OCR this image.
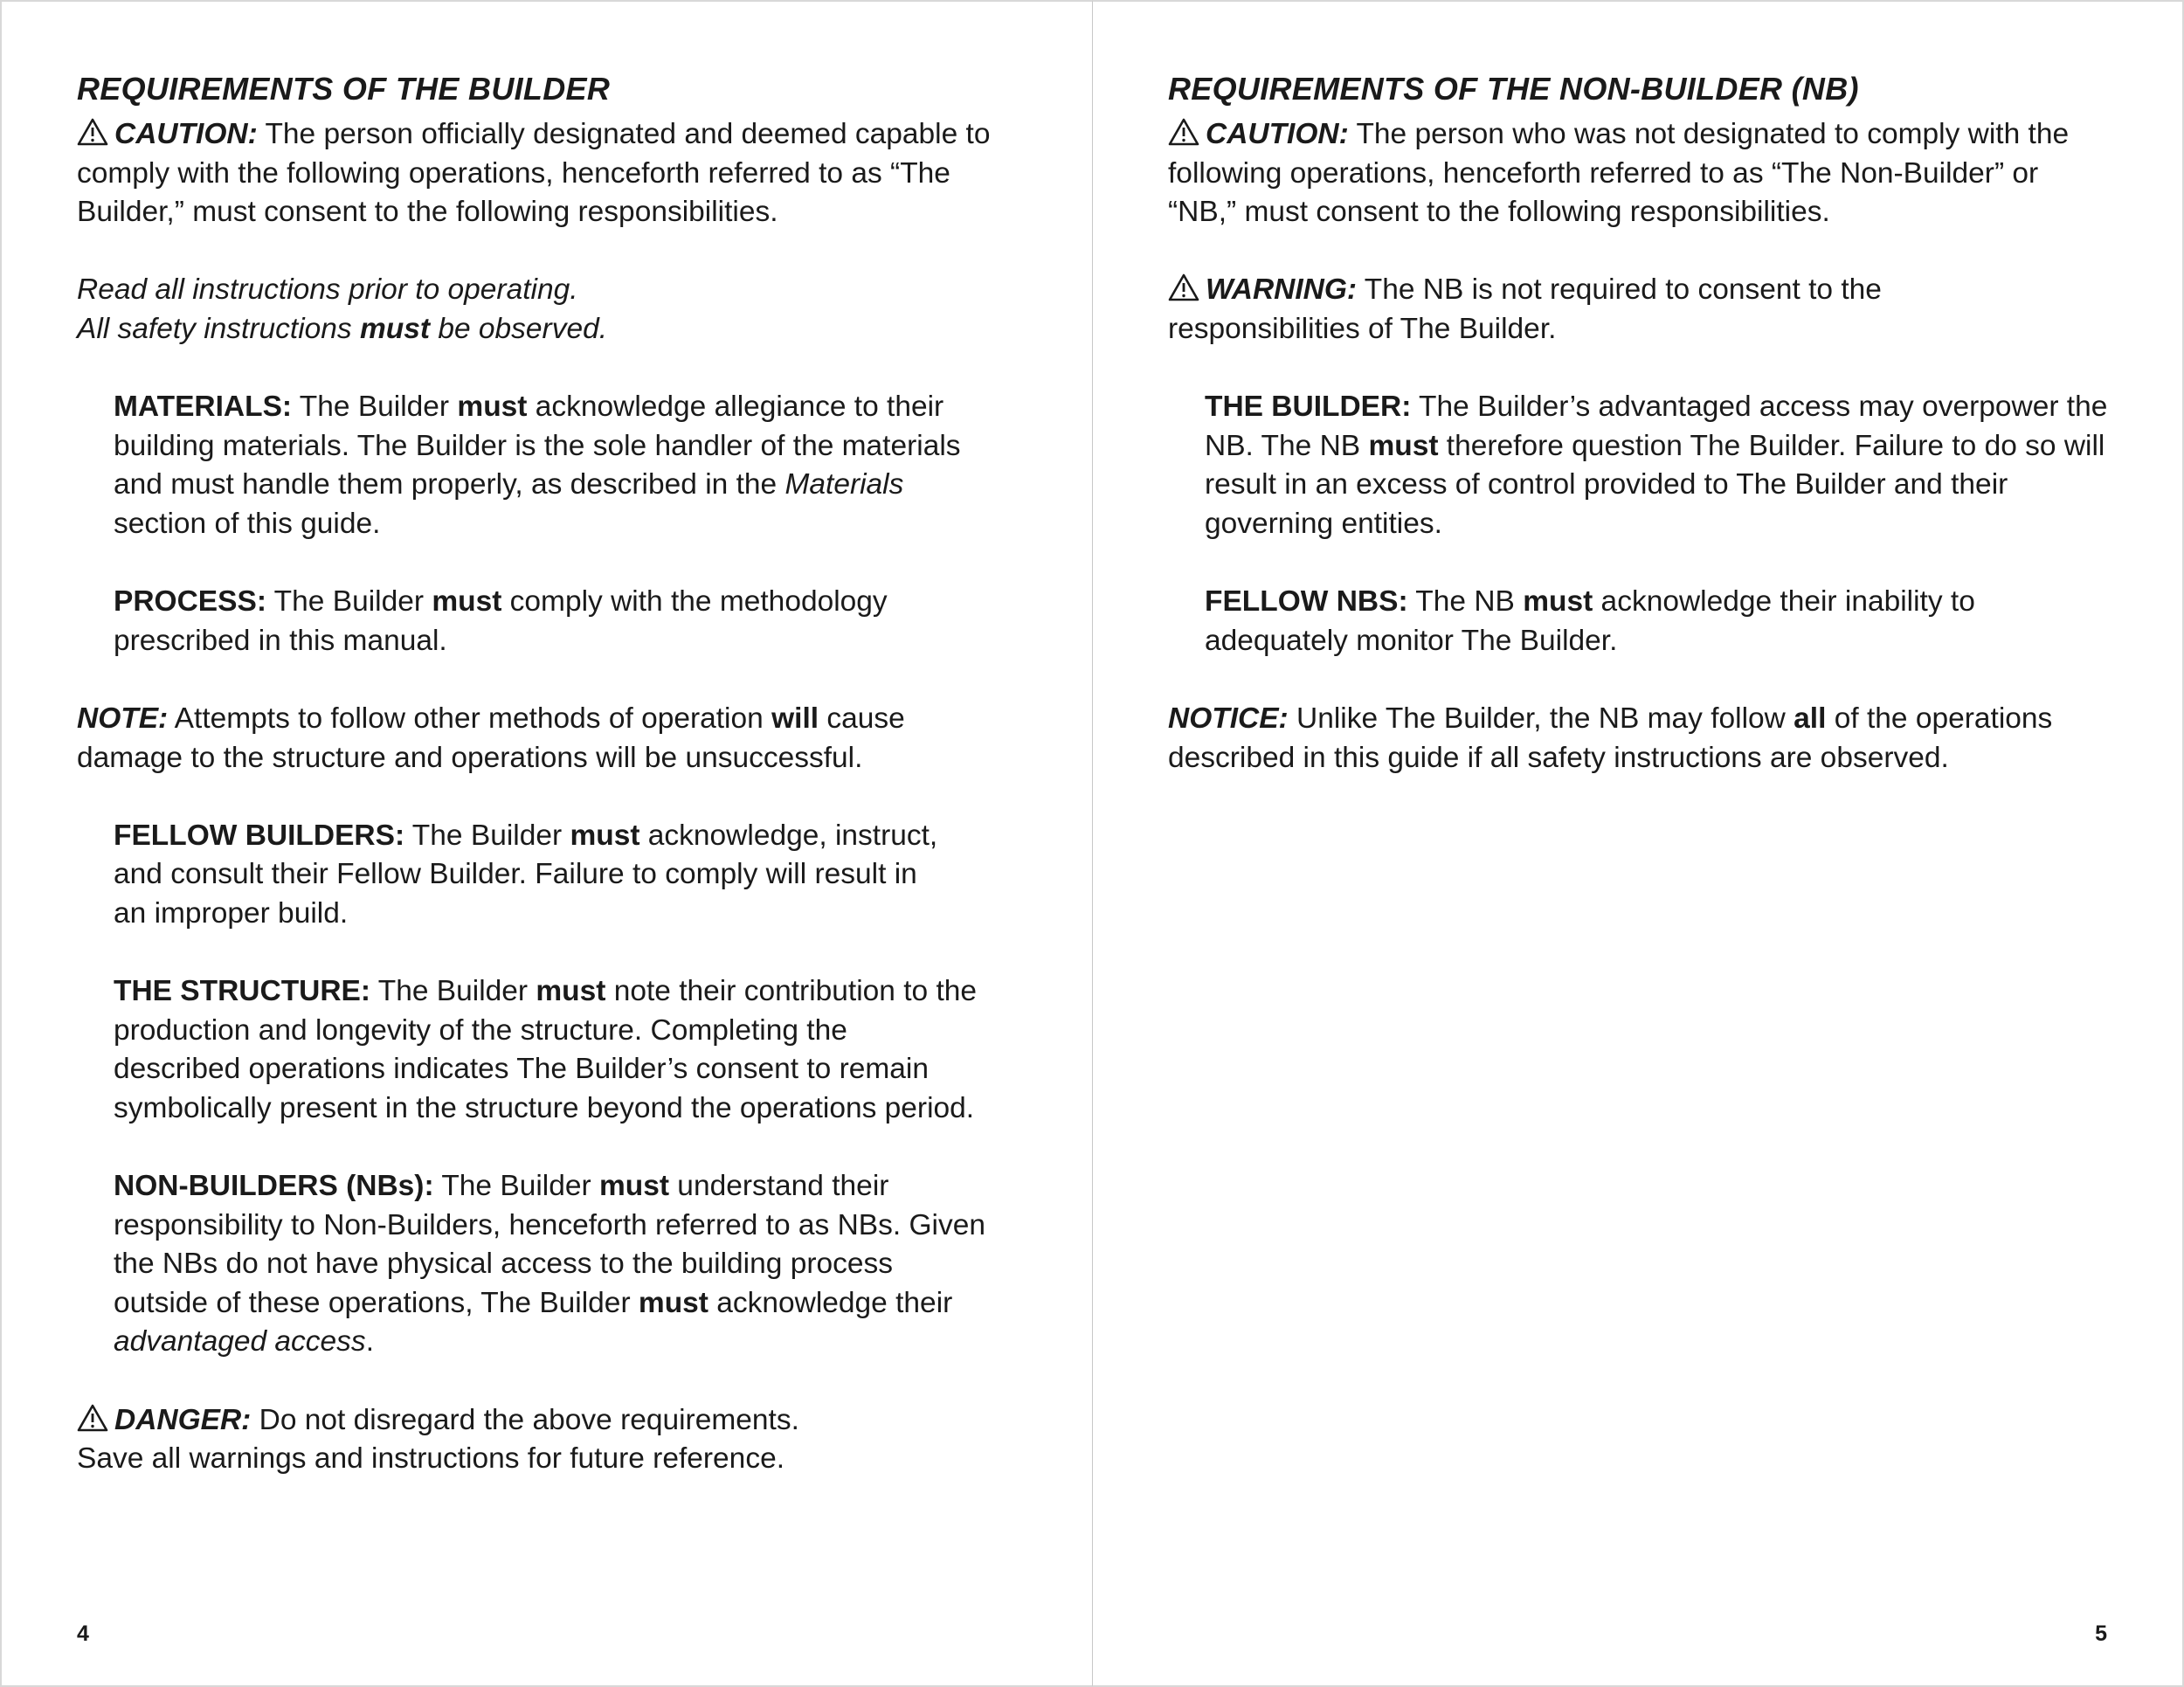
REQUIREMENTS OF THE BUILDER

CAUTION: The person officially designated and deemed capable to comply with the following operations, henceforth referred to as “The Builder,” must consent to the following responsibilities.

Read all instructions prior to operating.

All safety instructions must be observed.

MATERIALS: The Builder must acknowledge allegiance to their building materials. The Builder is the sole handler of the materials and must handle them properly, as described in the Materials section of this guide.

PROCESS: The Builder must comply with the methodology prescribed in this manual.

NOTE: Attempts to follow other methods of operation will cause damage to the structure and operations will be unsuccessful.

FELLOW BUILDERS: The Builder must acknowledge, instruct, and consult their Fellow Builder. Failure to comply will result in an improper build.

THE STRUCTURE: The Builder must note their contribution to the production and longevity of the structure. Completing the described operations indicates The Builder’s consent to remain symbolically present in the structure beyond the operations period.

NON-BUILDERS (NBs): The Builder must understand their responsibility to Non-Builders, henceforth referred to as NBs. Given the NBs do not have physical access to the building process outside of these operations, The Builder must acknowledge their advantaged access.

DANGER: Do not disregard the above requirements.

Save all warnings and instructions for future reference.

4
REQUIREMENTS OF THE NON-BUILDER (NB)

CAUTION: The person who was not designated to comply with the following operations, henceforth referred to as “The Non-Builder” or “NB,” must consent to the following responsibilities.

WARNING: The NB is not required to consent to the responsibilities of The Builder.

THE BUILDER: The Builder’s advantaged access may overpower the NB. The NB must therefore question The Builder. Failure to do so will result in an excess of control provided to The Builder and their governing entities.

FELLOW NBS: The NB must acknowledge their inability to adequately monitor The Builder.

NOTICE: Unlike The Builder, the NB may follow all of the operations described in this guide if all safety instructions are observed.

5
